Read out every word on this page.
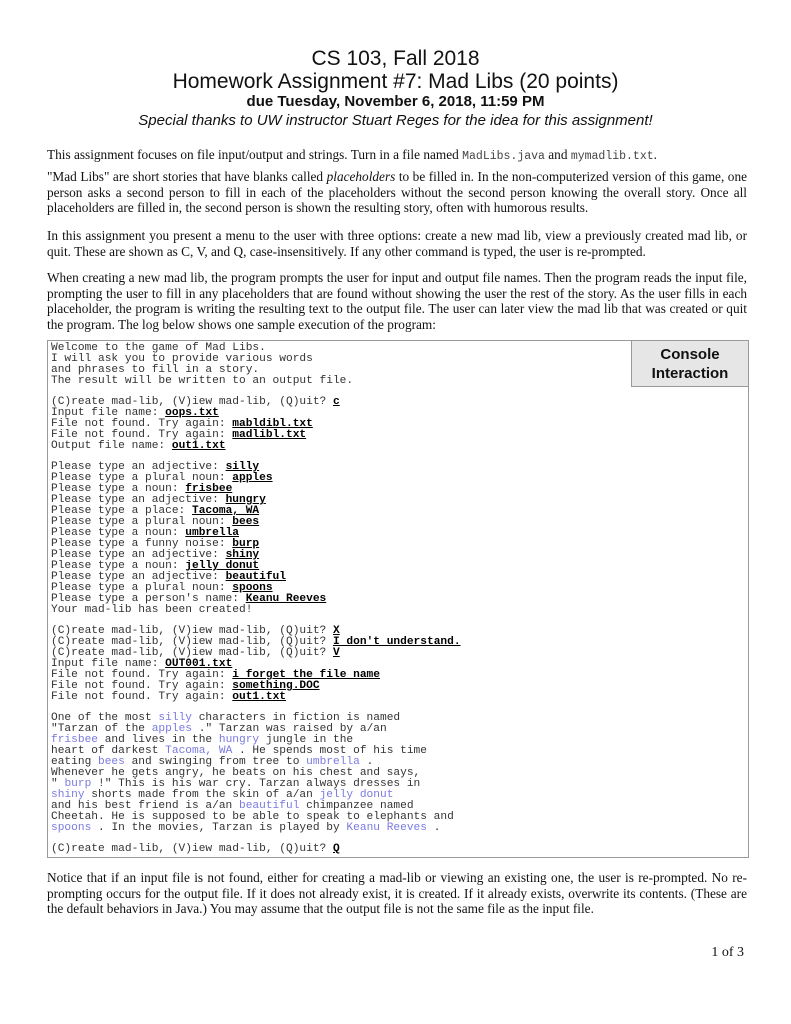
CS 103, Fall 2018
Homework Assignment #7: Mad Libs (20 points)
due Tuesday, November 6, 2018, 11:59 PM
Special thanks to UW instructor Stuart Reges for the idea for this assignment!

This assignment focuses on file input/output and strings. Turn in a file named MadLibs.java and mymadlib.txt.

"Mad Libs" are short stories that have blanks called placeholders to be filled in. In the non-computerized version of this game, one person asks a second person to fill in each of the placeholders without the second person knowing the overall story. Once all placeholders are filled in, the second person is shown the resulting story, often with humorous results.

In this assignment you present a menu to the user with three options: create a new mad lib, view a previously created mad lib, or quit. These are shown as C, V, and Q, case-insensitively. If any other command is typed, the user is re-prompted.

When creating a new mad lib, the program prompts the user for input and output file names. Then the program reads the input file, prompting the user to fill in any placeholders that are found without showing the user the rest of the story. As the user fills in each placeholder, the program is writing the resulting text to the output file. The user can later view the mad lib that was created or quit the program. The log below shows one sample execution of the program:

Console
Interaction
Welcome to the game of Mad Libs.
I will ask you to provide various words
and phrases to fill in a story.
The result will be written to an output file.
(C)reate mad-lib, (V)iew mad-lib, (Q)uit? c
Input file name: oops.txt
File not found. Try again: mabldibl.txt
File not found. Try again: madlibl.txt
Output file name: out1.txt
Please type an adjective: silly
Please type a plural noun: apples
Please type a noun: frisbee
Please type an adjective: hungry
Please type a place: Tacoma, WA
Please type a plural noun: bees
Please type a noun: umbrella
Please type a funny noise: burp
Please type an adjective: shiny
Please type a noun: jelly donut
Please type an adjective: beautiful
Please type a plural noun: spoons
Please type a person's name: Keanu Reeves
Your mad-lib has been created!
(C)reate mad-lib, (V)iew mad-lib, (Q)uit? X
(C)reate mad-lib, (V)iew mad-lib, (Q)uit? I don't understand.
(C)reate mad-lib, (V)iew mad-lib, (Q)uit? V
Input file name: OUT001.txt
File not found. Try again: i forget the file name
File not found. Try again: something.DOC
File not found. Try again: out1.txt
One of the most silly characters in fiction is named
"Tarzan of the apples ." Tarzan was raised by a/an
frisbee and lives in the hungry jungle in the
heart of darkest Tacoma, WA . He spends most of his time
eating bees and swinging from tree to umbrella .
Whenever he gets angry, he beats on his chest and says,
" burp !" This is his war cry. Tarzan always dresses in
shiny shorts made from the skin of a/an jelly donut
and his best friend is a/an beautiful chimpanzee named
Cheetah. He is supposed to be able to speak to elephants and
spoons . In the movies, Tarzan is played by Keanu Reeves .
(C)reate mad-lib, (V)iew mad-lib, (Q)uit? Q

Notice that if an input file is not found, either for creating a mad-lib or viewing an existing one, the user is re-prompted. No re-prompting occurs for the output file. If it does not already exist, it is created. If it already exists, overwrite its contents. (These are the default behaviors in Java.) You may assume that the output file is not the same file as the input file.

1 of 3
